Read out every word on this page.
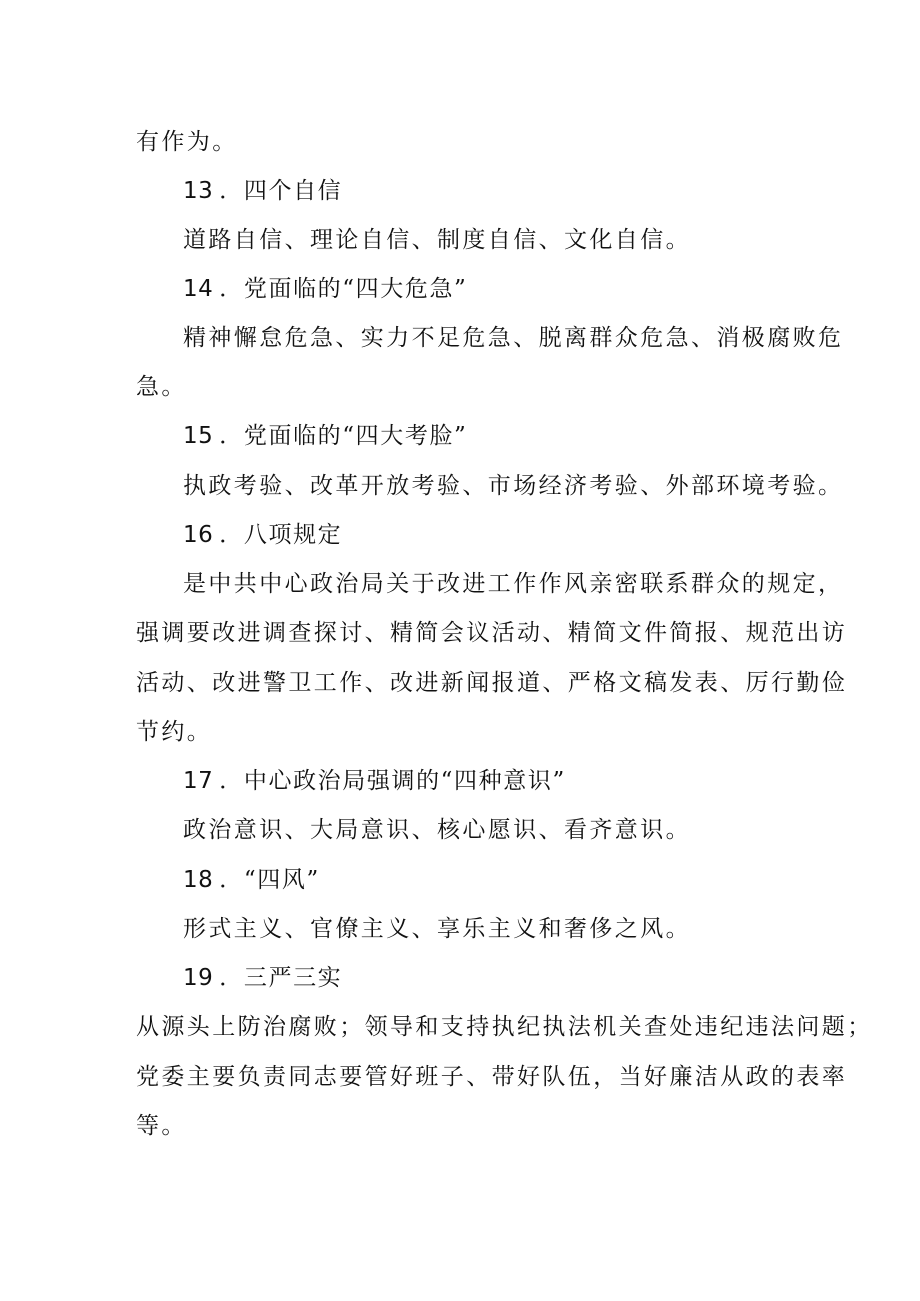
有作为。
13 ．四个自信
道路自信、理论自信、制度自信、文化自信。
14 ．党面临的“四大危急”
精神懈怠危急、实力不足危急、脱离群众危急、消极腐败危
急。
15 ．党面临的“四大考脸”
执政考验、改革开放考验、市场经济考验、外部环境考验。
16 ．八项规定
是中共中心政治局关于改进工作作风亲密联系群众的规定，
强调要改进调查探讨、精简会议活动、精简文件简报、规范出访
活动、改进警卫工作、改进新闻报道、严格文稿发表、厉行勤俭
节约。
17 ．中心政治局强调的“四种意识”
政治意识、大局意识、核心愿识、看齐意识。
18 ．“四风”
形式主义、官僚主义、享乐主义和奢侈之风。
19 ．三严三实
从源头上防治腐败；领导和支持执纪执法机关查处违纪违法问题；
党委主要负责同志要管好班子、带好队伍，当好廉洁从政的表率
等。
